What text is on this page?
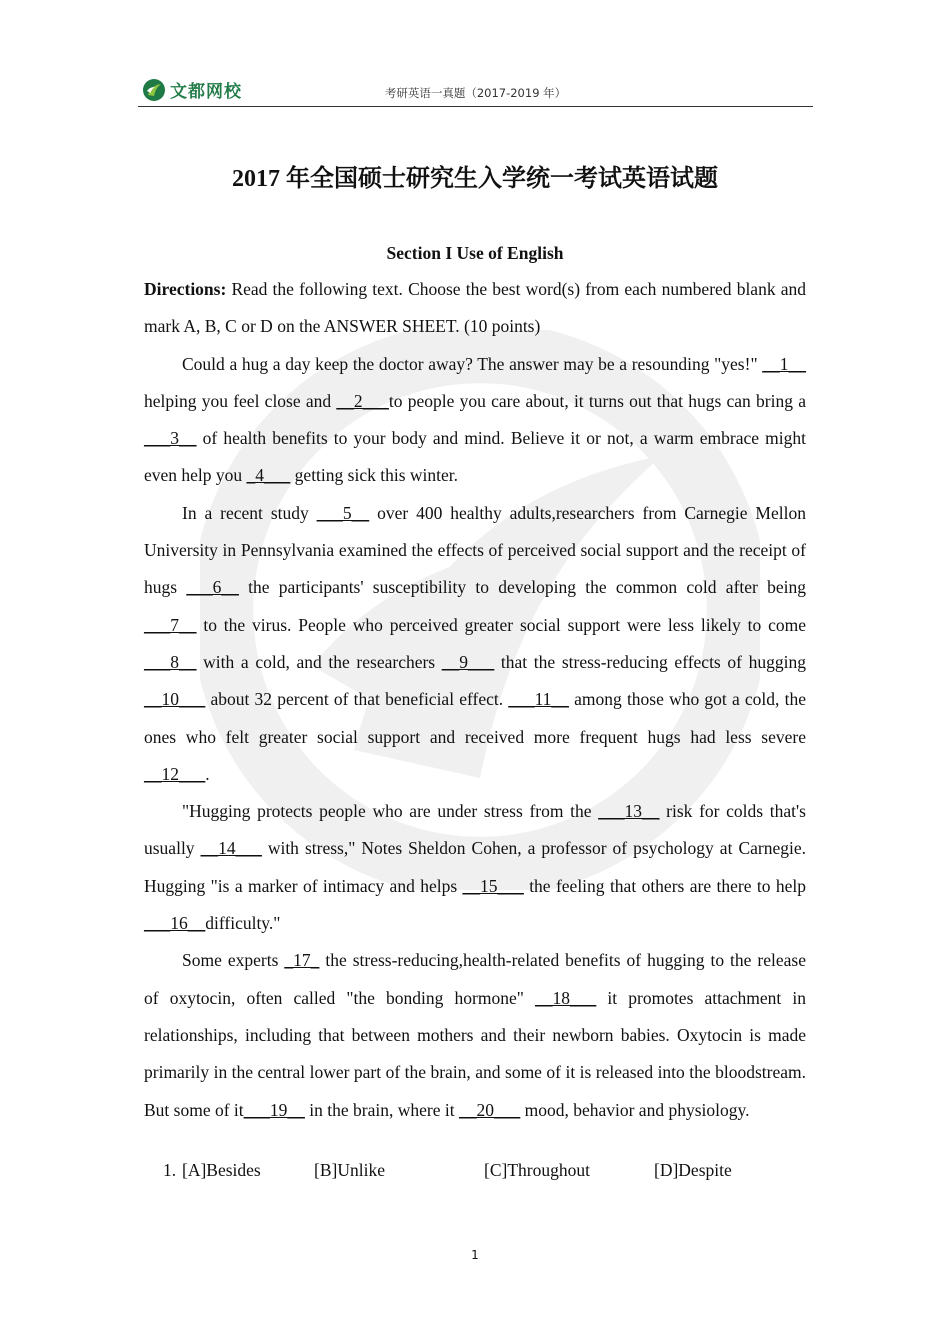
文都网校	考研英语一真题（2017-2019 年）
2017 年全国硕士研究生入学统一考试英语试题
Section I Use of English

Directions: Read the following text. Choose the best word(s) from each numbered blank and mark A, B, C or D on the ANSWER SHEET. (10 points)

Could a hug a day keep the doctor away? The answer may be a resounding "yes!" __1__ helping you feel close and __2___to people you care about, it turns out that hugs can bring a ___3__ of health benefits to your body and mind. Believe it or not, a warm embrace might even help you _4___ getting sick this winter.

In a recent study ___5__ over 400 healthy adults,researchers from Carnegie Mellon University in Pennsylvania examined the effects of perceived social support and the receipt of hugs ___6__ the participants' susceptibility to developing the common cold after being ___7__ to the virus. People who perceived greater social support were less likely to come ___8__ with a cold, and the researchers __9___ that the stress-reducing effects of hugging __10___ about 32 percent of that beneficial effect. ___11__ among those who got a cold, the ones who felt greater social support and received more frequent hugs had less severe __12___.

"Hugging protects people who are under stress from the ___13__ risk for colds that's usually __14___ with stress," Notes Sheldon Cohen, a professor of psychology at Carnegie. Hugging "is a marker of intimacy and helps __15___ the feeling that others are there to help ___16__difficulty."

Some experts _17_ the stress-reducing,health-related benefits of hugging to the release of oxytocin, often called "the bonding hormone" __18___ it promotes attachment in relationships, including that between mothers and their newborn babies. Oxytocin is made primarily in the central lower part of the brain, and some of it is released into the bloodstream. But some of it___19__ in the brain, where it __20___ mood, behavior and physiology.

1. [A]Besides	[B]Unlike	[C]Throughout	[D]Despite
1
